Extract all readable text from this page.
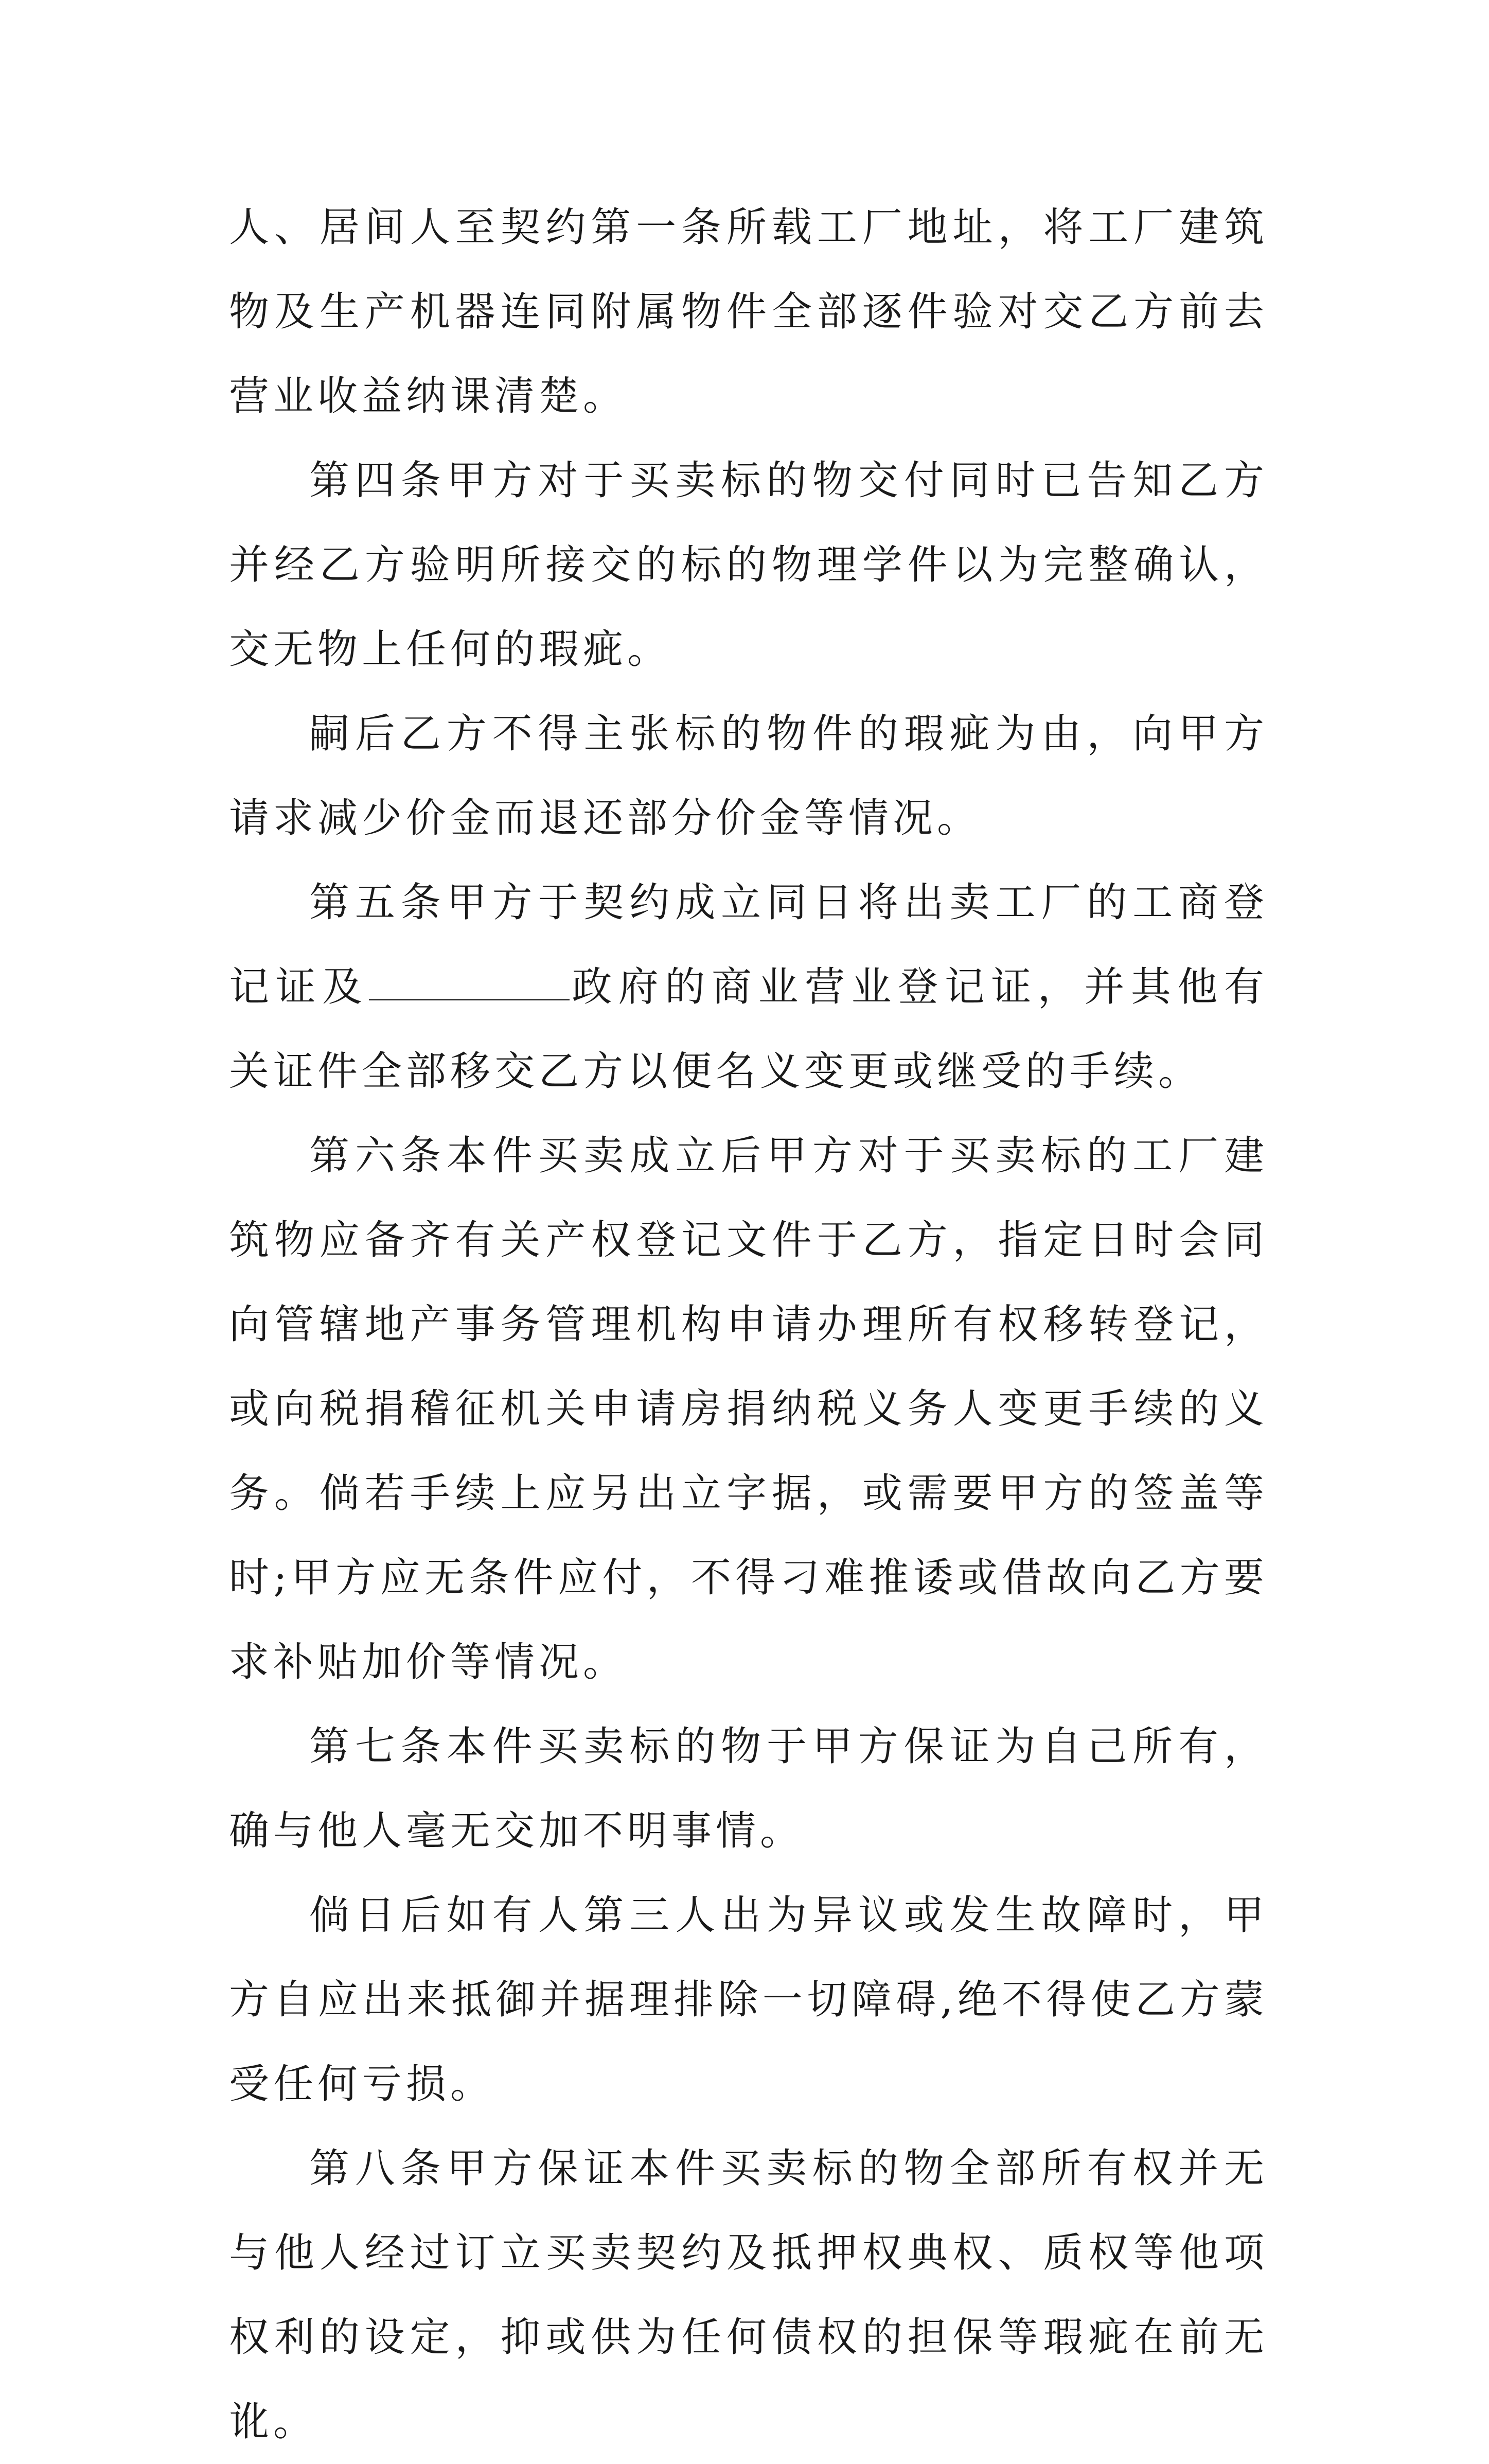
人、居间人至契约第一条所载工厂地址，将工厂建筑物及生产机器连同附属物件全部逐件验对交乙方前去营业收益纳课清楚。

第四条甲方对于买卖标的物交付同时已告知乙方并经乙方验明所接交的标的物理学件以为完整确认，交无物上任何的瑕疵。

嗣后乙方不得主张标的物件的瑕疵为由，向甲方请求减少价金而退还部分价金等情况。

第五条甲方于契约成立同日将出卖工厂的工商登记证及	政府的商业营业登记证，并其他有关证件全部移交乙方以便名义变更或继受的手续。

第六条本件买卖成立后甲方对于买卖标的工厂建筑物应备齐有关产权登记文件于乙方，指定日时会同向管辖地产事务管理机构申请办理所有权移转登记，或向税捐稽征机关申请房捐纳税义务人变更手续的义务。倘若手续上应另出立字据，或需要甲方的签盖等时;甲方应无条件应付，不得刁难推诿或借故向乙方要求补贴加价等情况。

第七条本件买卖标的物于甲方保证为自己所有，确与他人毫无交加不明事情。

倘日后如有人第三人出为异议或发生故障时，甲方自应出来抵御并据理排除一切障碍,绝不得使乙方蒙受任何亏损。

第八条甲方保证本件买卖标的物全部所有权并无与他人经过订立买卖契约及抵押权典权、质权等他项权利的设定，抑或供为任何债权的担保等瑕疵在前无讹。
